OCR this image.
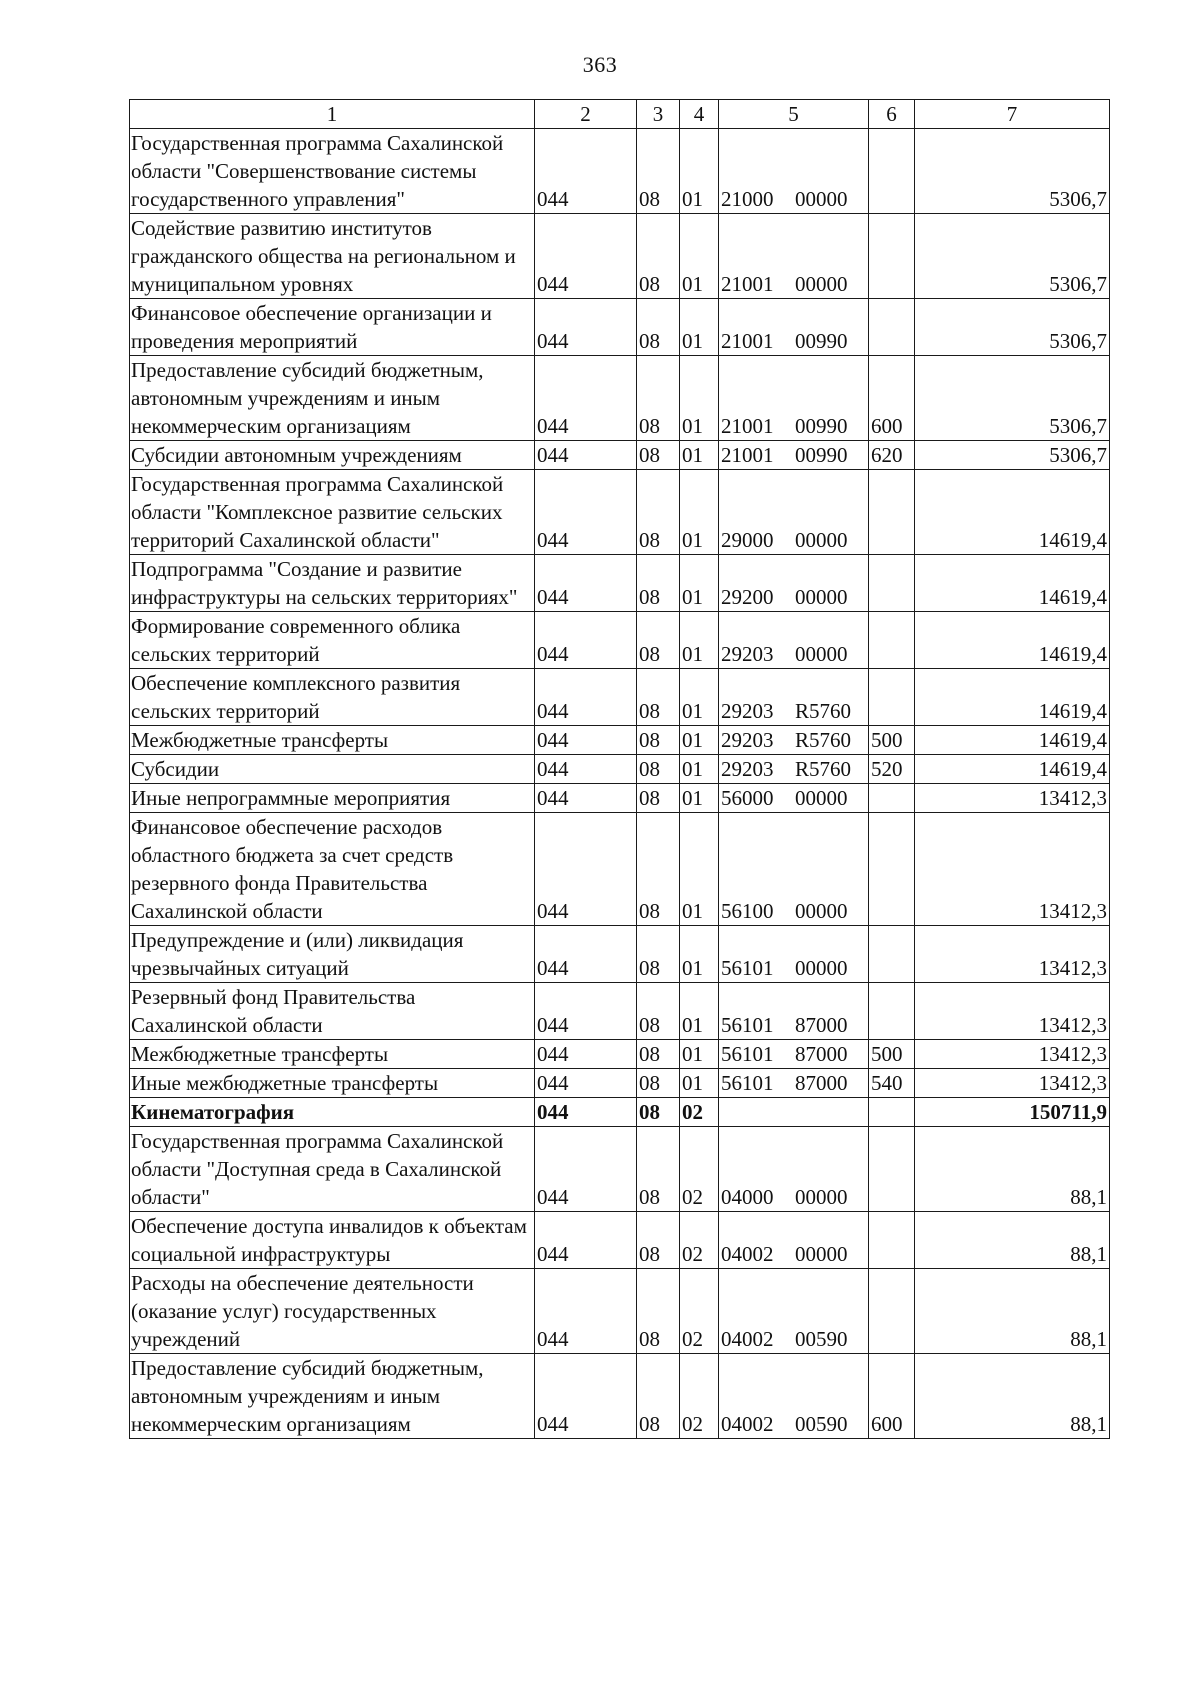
363
1	2	3	4	5	6	7
Государственная программа Сахалинской области "Совершенствование системы государственного управления"	044	08	01	21000 00000		5306,7
Содействие развитию институтов гражданского общества на региональном и муниципальном уровнях	044	08	01	21001 00000		5306,7
Финансовое обеспечение организации и проведения мероприятий	044	08	01	21001 00990		5306,7
Предоставление субсидий бюджетным, автономным учреждениям и иным некоммерческим организациям	044	08	01	21001 00990	600	5306,7
Субсидии автономным учреждениям	044	08	01	21001 00990	620	5306,7
Государственная программа Сахалинской области "Комплексное развитие сельских территорий Сахалинской области"	044	08	01	29000 00000		14619,4
Подпрограмма "Создание и развитие инфраструктуры на сельских территориях"	044	08	01	29200 00000		14619,4
Формирование современного облика сельских территорий	044	08	01	29203 00000		14619,4
Обеспечение комплексного развития сельских территорий	044	08	01	29203 R5760		14619,4
Межбюджетные трансферты	044	08	01	29203 R5760	500	14619,4
Субсидии	044	08	01	29203 R5760	520	14619,4
Иные непрограммные мероприятия	044	08	01	56000 00000		13412,3
Финансовое обеспечение расходов областного бюджета за счет средств резервного фонда Правительства Сахалинской области	044	08	01	56100 00000		13412,3
Предупреждение и (или) ликвидация чрезвычайных ситуаций	044	08	01	56101 00000		13412,3
Резервный фонд Правительства Сахалинской области	044	08	01	56101 87000		13412,3
Межбюджетные трансферты	044	08	01	56101 87000	500	13412,3
Иные межбюджетные трансферты	044	08	01	56101 87000	540	13412,3
Кинематография	044	08	02			150711,9
Государственная программа Сахалинской области "Доступная среда в Сахалинской области"	044	08	02	04000 00000		88,1
Обеспечение доступа инвалидов к объектам социальной инфраструктуры	044	08	02	04002 00000		88,1
Расходы на обеспечение деятельности (оказание услуг) государственных учреждений	044	08	02	04002 00590		88,1
Предоставление субсидий бюджетным, автономным учреждениям и иным некоммерческим организациям	044	08	02	04002 00590	600	88,1
